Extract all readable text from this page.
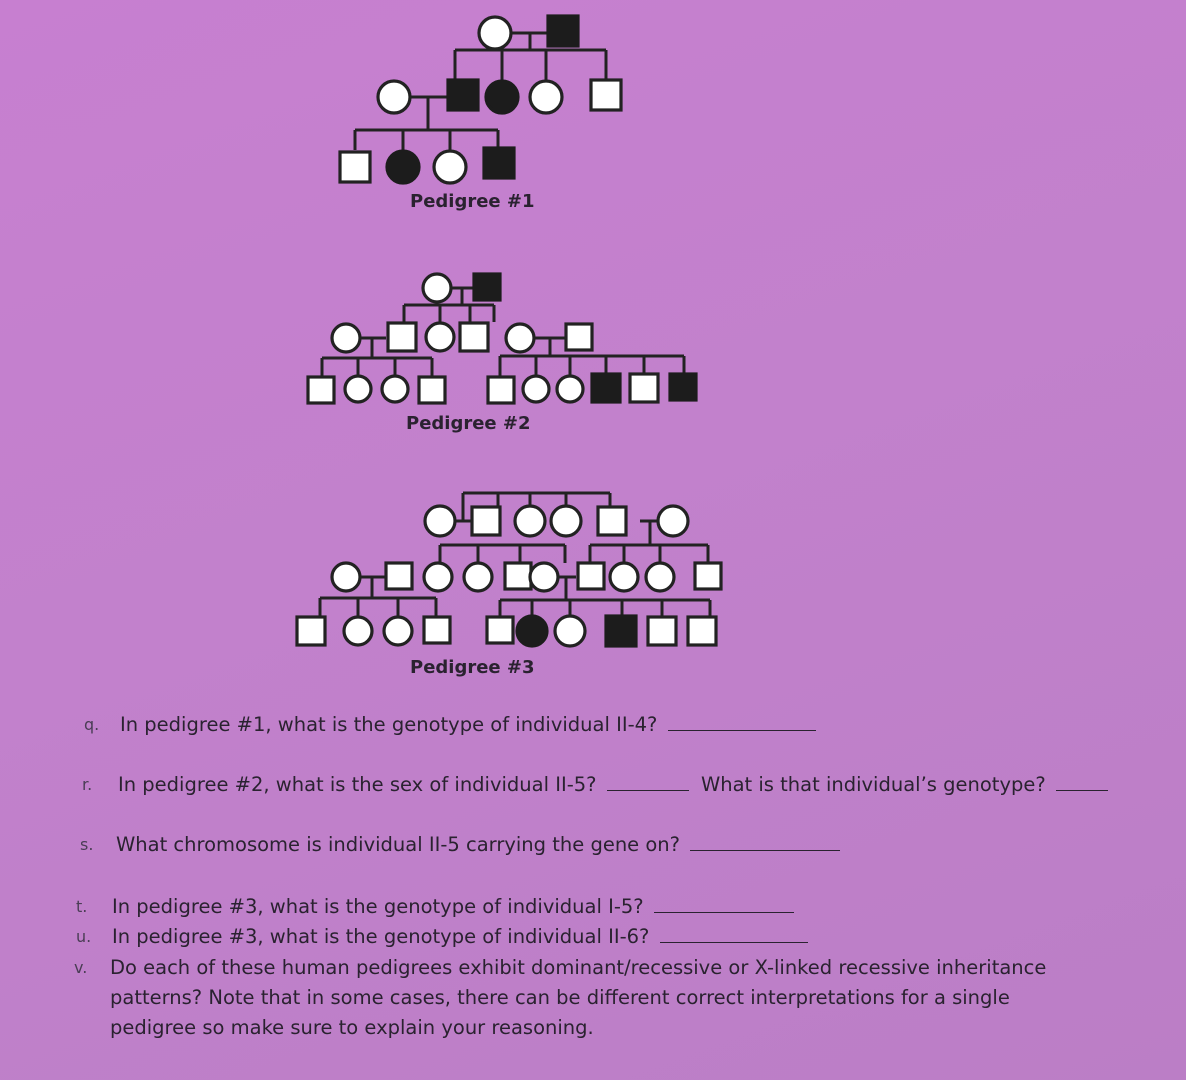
Pedigree #1
Pedigree #2
Pedigree #3
q. In pedigree #1, what is the genotype of individual II-4?
r. In pedigree #2, what is the sex of individual II-5?	What is that individual’s genotype?
s. What chromosome is individual II-5 carrying the gene on?
t. In pedigree #3, what is the genotype of individual I-5?
u. In pedigree #3, what is the genotype of individual II-6?
v. Do each of these human pedigrees exhibit dominant/recessive or X-linked recessive inheritance patterns? Note that in some cases, there can be different correct interpretations for a single pedigree so make sure to explain your reasoning.
